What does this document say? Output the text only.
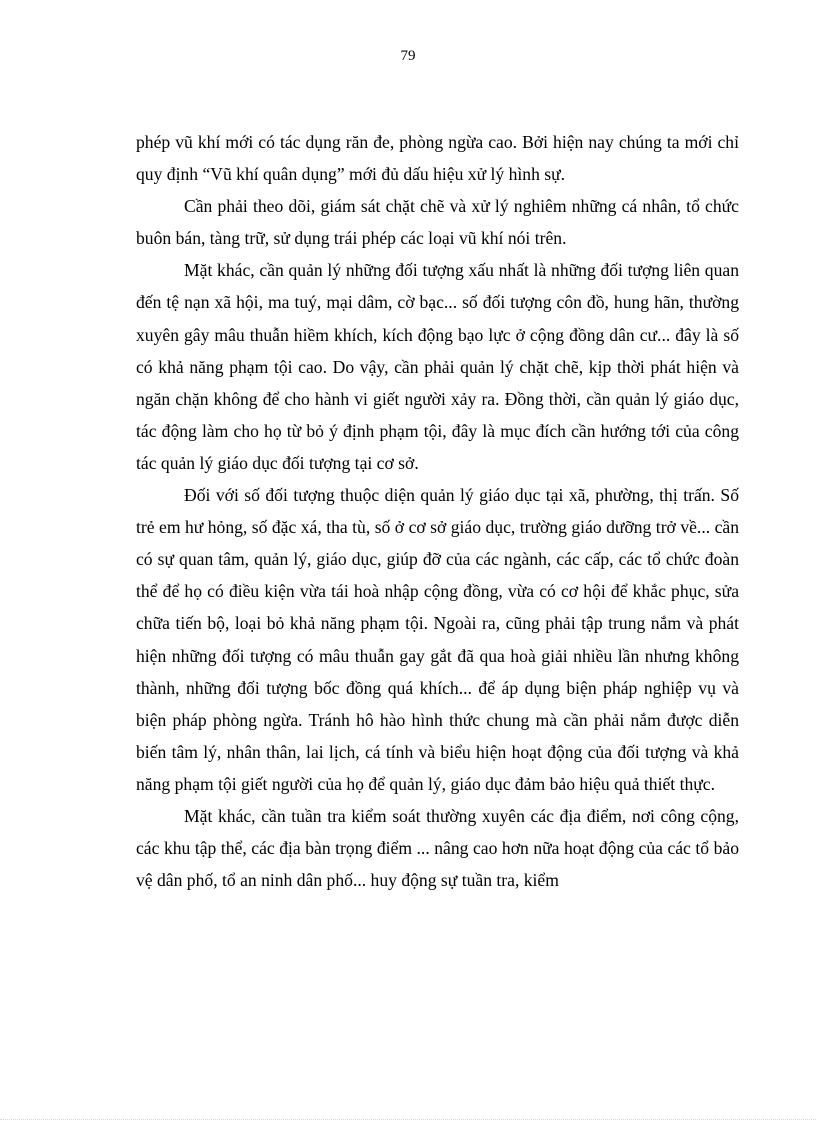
79

phép vũ khí mới có tác dụng răn đe, phòng ngừa cao. Bởi hiện nay chúng ta mới chỉ quy định “Vũ khí quân dụng” mới đủ dấu hiệu xử lý hình sự.

Cần phải theo dõi, giám sát chặt chẽ và xử lý nghiêm những cá nhân, tổ chức buôn bán, tàng trữ, sử dụng trái phép các loại vũ khí nói trên.

Mặt khác, cần quản lý những đối tượng xấu nhất là những đối tượng liên quan đến tệ nạn xã hội, ma tuý, mại dâm, cờ bạc... số đối tượng côn đồ, hung hãn, thường xuyên gây mâu thuẫn hiềm khích, kích động bạo lực ở cộng đồng dân cư... đây là số có khả năng phạm tội cao. Do vậy, cần phải quản lý chặt chẽ, kịp thời phát hiện và ngăn chặn không để cho hành vi giết người xảy ra. Đồng thời, cần quản lý giáo dục, tác động làm cho họ từ bỏ ý định phạm tội, đây là mục đích cần hướng tới của công tác quản lý giáo dục đối tượng tại cơ sở.

Đối với số đối tượng thuộc diện quản lý giáo dục tại xã, phường, thị trấn. Số trẻ em hư hỏng, số đặc xá, tha tù, số ở cơ sở giáo dục, trường giáo dưỡng trở về... cần có sự quan tâm, quản lý, giáo dục, giúp đỡ của các ngành, các cấp, các tổ chức đoàn thể để họ có điều kiện vừa tái hoà nhập cộng đồng, vừa có cơ hội để khắc phục, sửa chữa tiến bộ, loại bỏ khả năng phạm tội. Ngoài ra, cũng phải tập trung nắm và phát hiện những đối tượng có mâu thuẫn gay gắt đã qua hoà giải nhiều lần nhưng không thành, những đối tượng bốc đồng quá khích... để áp dụng biện pháp nghiệp vụ và biện pháp phòng ngừa. Tránh hô hào hình thức chung mà cần phải nắm được diễn biến tâm lý, nhân thân, lai lịch, cá tính và biểu hiện hoạt động của đối tượng và khả năng phạm tội giết người của họ để quản lý, giáo dục đảm bảo hiệu quả thiết thực.

Mặt khác, cần tuần tra kiểm soát thường xuyên các địa điểm, nơi công cộng, các khu tập thể, các địa bàn trọng điểm ... nâng cao hơn nữa hoạt động của các tổ bảo vệ dân phố, tổ an ninh dân phố... huy động sự tuần tra, kiểm
